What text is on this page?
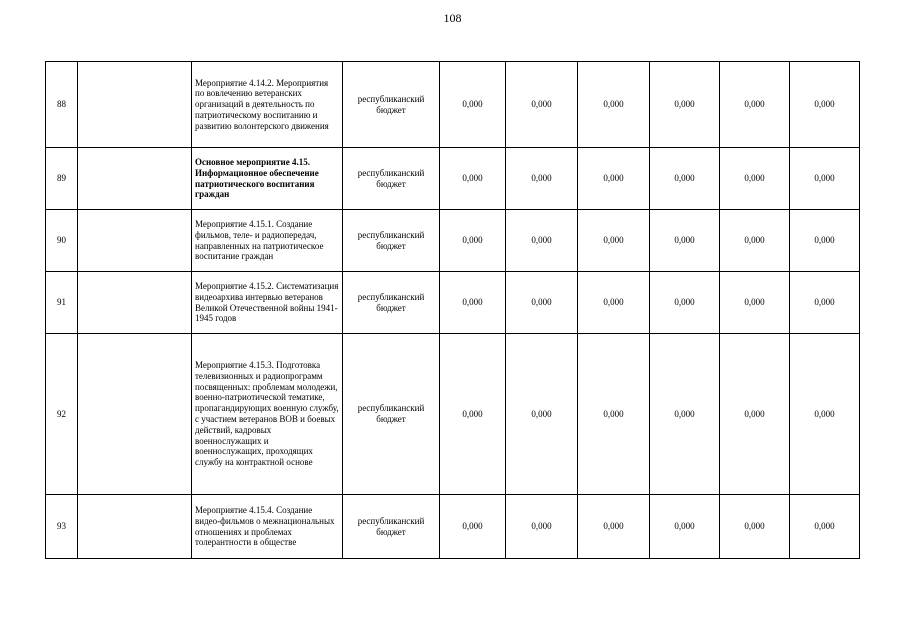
108
88		Мероприятие 4.14.2. Мероприятия по вовлечению ветеранских организаций в деятельность по патриотическому воспитанию и развитию волонтерского движения	республиканский бюджет	0,000	0,000	0,000	0,000	0,000	0,000
89		Основное мероприятие 4.15. Информационное обеспечение патриотического воспитания граждан	республиканский бюджет	0,000	0,000	0,000	0,000	0,000	0,000
90		Мероприятие 4.15.1. Создание фильмов, теле- и радиопередач, направленных на патриотическое воспитание граждан	республиканский бюджет	0,000	0,000	0,000	0,000	0,000	0,000
91		Мероприятие 4.15.2. Систематизация видеоархива интервью ветеранов Великой Отечественной войны 1941-1945 годов	республиканский бюджет	0,000	0,000	0,000	0,000	0,000	0,000
92		Мероприятие 4.15.3. Подготовка телевизионных и радиопрограмм посвященных: проблемам молодежи, военно-патриотической тематике, пропагандирующих военную службу, с участием ветеранов ВОВ и боевых действий, кадровых военнослужащих и военнослужащих, проходящих службу на контрактной основе	республиканский бюджет	0,000	0,000	0,000	0,000	0,000	0,000
93		Мероприятие 4.15.4. Создание видео-фильмов о межнациональных отношениях и проблемах толерантности в обществе	республиканский бюджет	0,000	0,000	0,000	0,000	0,000	0,000
